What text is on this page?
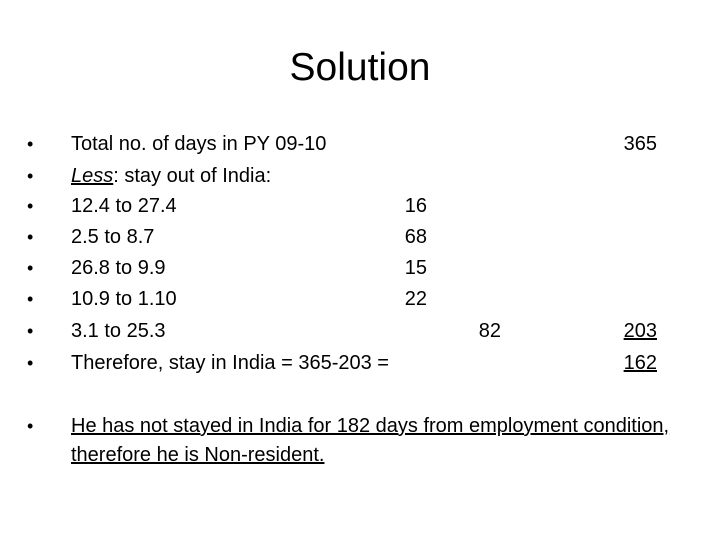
Solution
• Total no. of days in PY 09-10	365
• Less: stay out of India:
• 12.4 to 27.4	16
• 2.5 to 8.7	68
• 26.8 to 9.9	15
• 10.9 to 1.10	22
• 3.1 to 25.3	82	203
• Therefore, stay in India = 365-203 =	162
• He has not stayed in India for 182 days from employment condition, therefore he is Non-resident.
